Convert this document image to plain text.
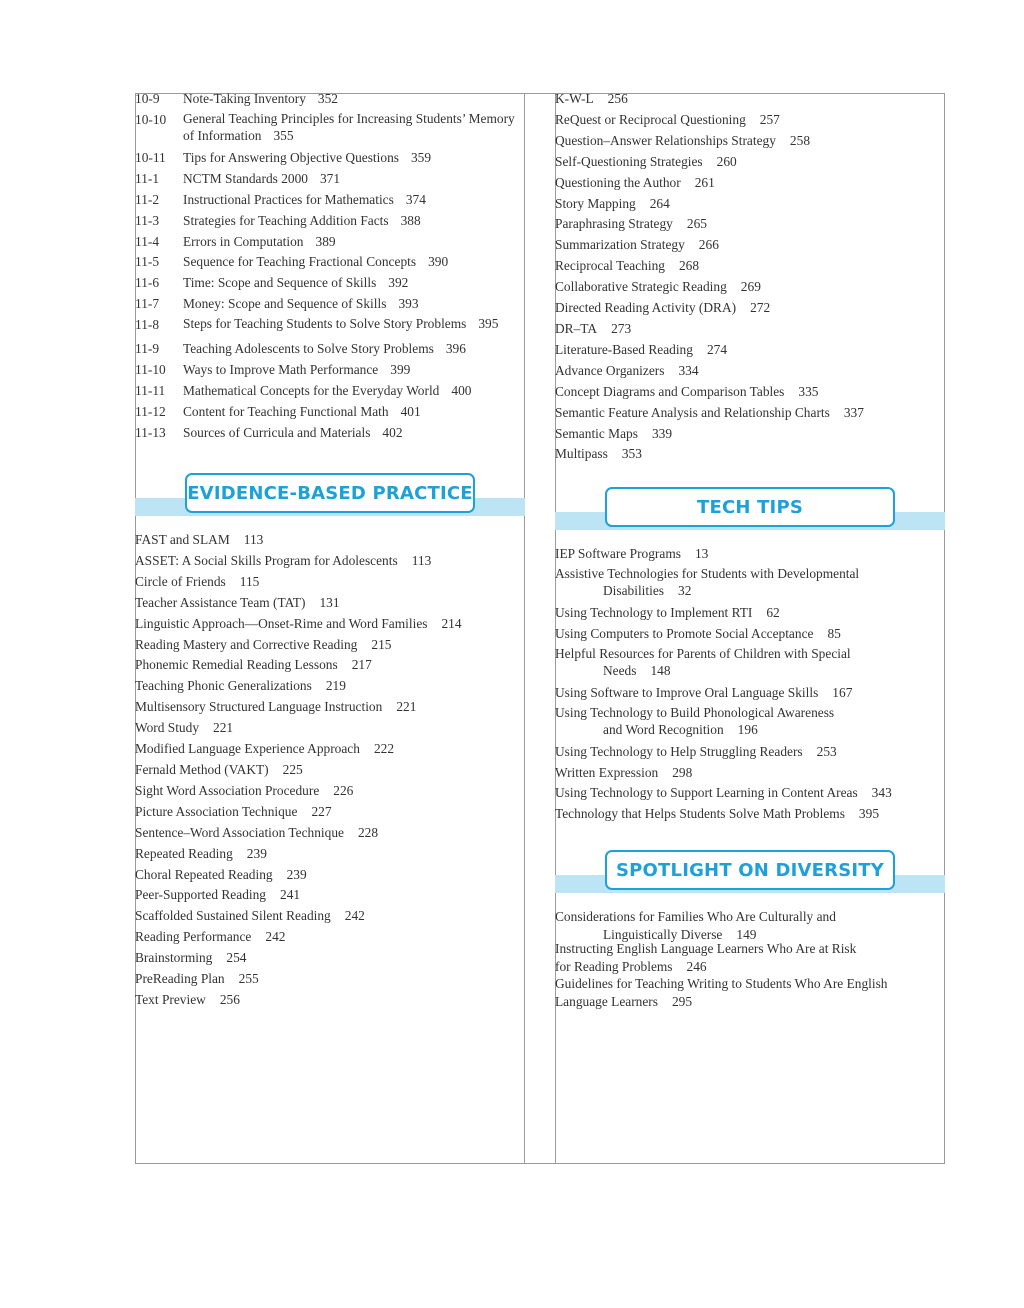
10-9	Note-Taking Inventory 352
10-10	General Teaching Principles for Increasing Students’ Memory of Information 355
10-11	Tips for Answering Objective Questions 359
11-1	NCTM Standards 2000 371
11-2	Instructional Practices for Mathematics 374
11-3	Strategies for Teaching Addition Facts 388
11-4	Errors in Computation 389
11-5	Sequence for Teaching Fractional Concepts 390
11-6	Time: Scope and Sequence of Skills 392
11-7	Money: Scope and Sequence of Skills 393
11-8	Steps for Teaching Students to Solve Story Problems 395
11-9	Teaching Adolescents to Solve Story Problems 396
11-10	Ways to Improve Math Performance 399
11-11	Mathematical Concepts for the Everyday World 400
11-12	Content for Teaching Functional Math 401
11-13	Sources of Curricula and Materials 402
EVIDENCE-BASED PRACTICE
FAST and SLAM 113
ASSET: A Social Skills Program for Adolescents 113
Circle of Friends 115
Teacher Assistance Team (TAT) 131
Linguistic Approach—Onset-Rime and Word Families 214
Reading Mastery and Corrective Reading 215
Phonemic Remedial Reading Lessons 217
Teaching Phonic Generalizations 219
Multisensory Structured Language Instruction 221
Word Study 221
Modified Language Experience Approach 222
Fernald Method (VAKT) 225
Sight Word Association Procedure 226
Picture Association Technique 227
Sentence–Word Association Technique 228
Repeated Reading 239
Choral Repeated Reading 239
Peer-Supported Reading 241
Scaffolded Sustained Silent Reading 242
Reading Performance 242
Brainstorming 254
PreReading Plan 255
Text Preview 256
K-W-L 256
ReQuest or Reciprocal Questioning 257
Question–Answer Relationships Strategy 258
Self-Questioning Strategies 260
Questioning the Author 261
Story Mapping 264
Paraphrasing Strategy 265
Summarization Strategy 266
Reciprocal Teaching 268
Collaborative Strategic Reading 269
Directed Reading Activity (DRA) 272
DR–TA 273
Literature-Based Reading 274
Advance Organizers 334
Concept Diagrams and Comparison Tables 335
Semantic Feature Analysis and Relationship Charts 337
Semantic Maps 339
Multipass 353
TECH TIPS
IEP Software Programs 13
Assistive Technologies for Students with Developmental
Disabilities 32
Using Technology to Implement RTI 62
Using Computers to Promote Social Acceptance 85
Helpful Resources for Parents of Children with Special
Needs 148
Using Software to Improve Oral Language Skills 167
Using Technology to Build Phonological Awareness
and Word Recognition 196
Using Technology to Help Struggling Readers 253
Written Expression 298
Using Technology to Support Learning in Content Areas 343
Technology that Helps Students Solve Math Problems 395
SPOTLIGHT ON DIVERSITY
Considerations for Families Who Are Culturally and
Linguistically Diverse 149
Instructing English Language Learners Who Are at Risk
for Reading Problems 246
Guidelines for Teaching Writing to Students Who Are English
Language Learners 295
